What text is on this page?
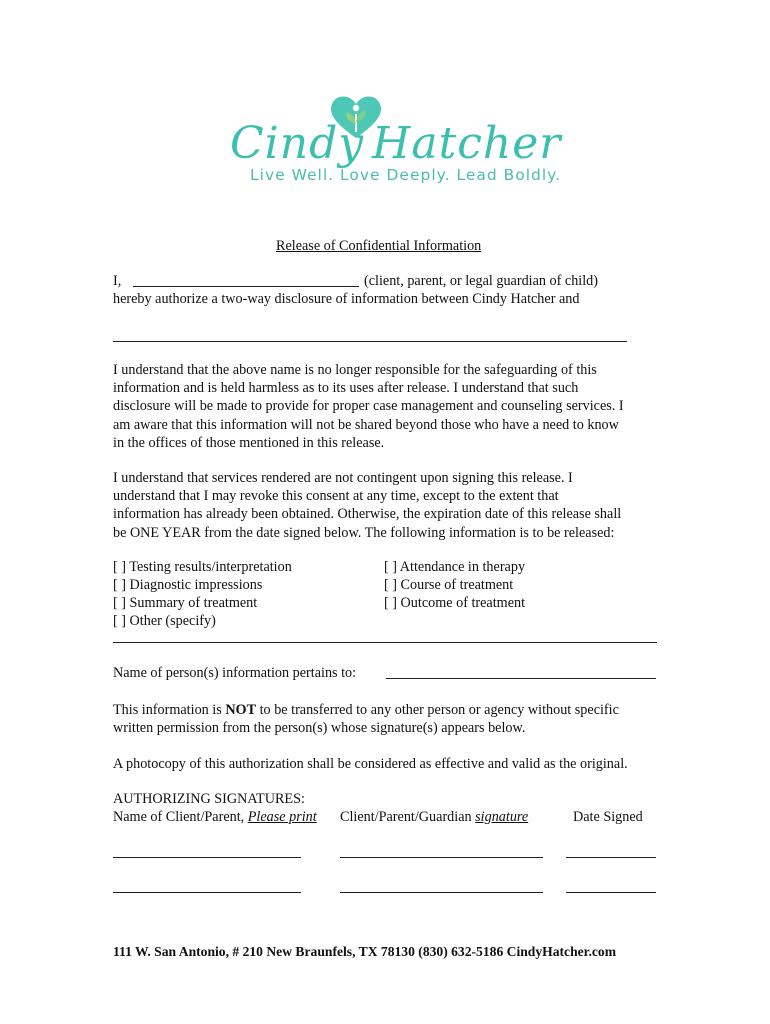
Cindy Hatcher
Live Well. Love Deeply. Lead Boldly.
Release of Confidential Information
I,	(client, parent, or legal guardian of child)
hereby authorize a two-way disclosure of information between Cindy Hatcher and
I understand that the above name is no longer responsible for the safeguarding of this
information and is held harmless as to its uses after release. I understand that such
disclosure will be made to provide for proper case management and counseling services. I
am aware that this information will not be shared beyond those who have a need to know
in the offices of those mentioned in this release.
I understand that services rendered are not contingent upon signing this release. I
understand that I may revoke this consent at any time, except to the extent that
information has already been obtained. Otherwise, the expiration date of this release shall
be ONE YEAR from the date signed below. The following information is to be released:
[ ] Testing results/interpretation
[ ] Diagnostic impressions
[ ] Summary of treatment
[ ] Other (specify)
[ ] Attendance in therapy
[ ] Course of treatment
[ ] Outcome of treatment
Name of person(s) information pertains to:
This information is NOT to be transferred to any other person or agency without specific
written permission from the person(s) whose signature(s) appears below.
A photocopy of this authorization shall be considered as effective and valid as the original.
AUTHORIZING SIGNATURES:
Name of Client/Parent, Please print Client/Parent/Guardian signature	Date Signed
111 W. San Antonio, # 210 New Braunfels, TX 78130 (830) 632-5186 CindyHatcher.com
